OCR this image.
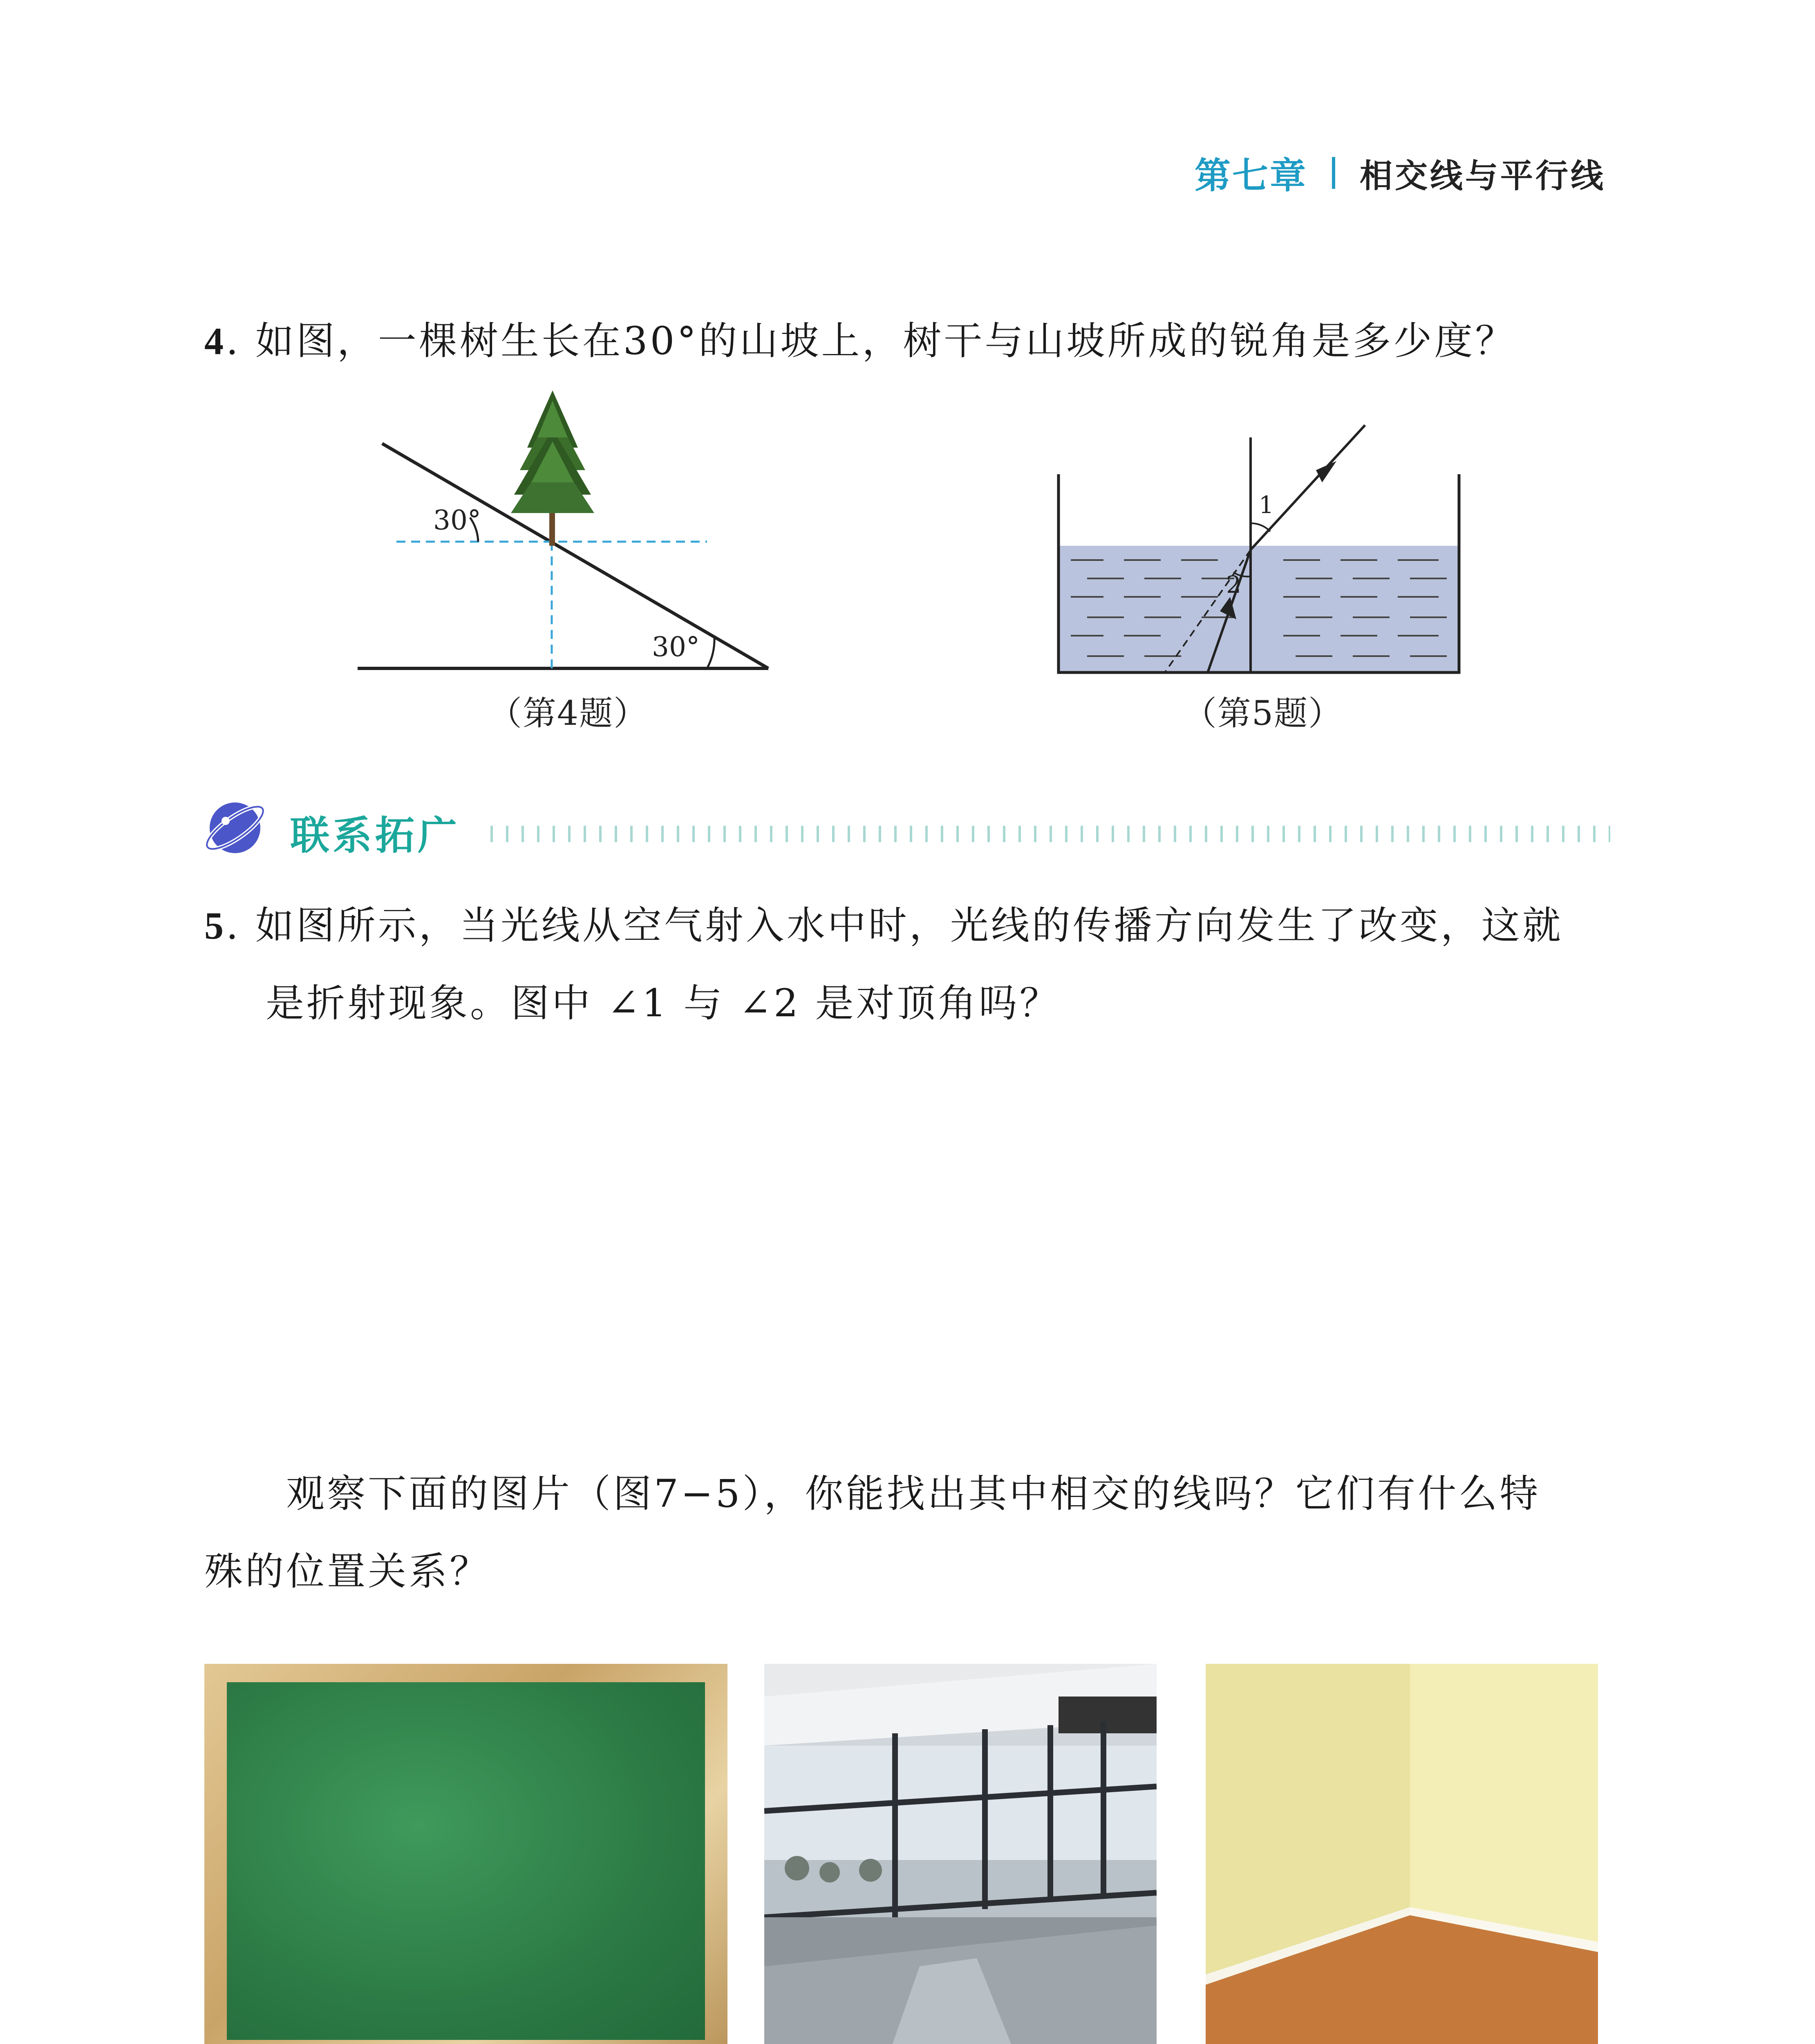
第七章 相交线与平行线
4. 如图，一棵树生长在30°的山坡上，树干与山坡所成的锐角是多少度？
30°
30°
（第4题）
1
2
（第5题）
联系拓广
5. 如图所示，当光线从空气射入水中时，光线的传播方向发生了改变，这就
是折射现象。图中 ∠1 与 ∠2 是对顶角吗？
观察下面的图片（图7−5），你能找出其中相交的线吗？它们有什么特
殊的位置关系？
